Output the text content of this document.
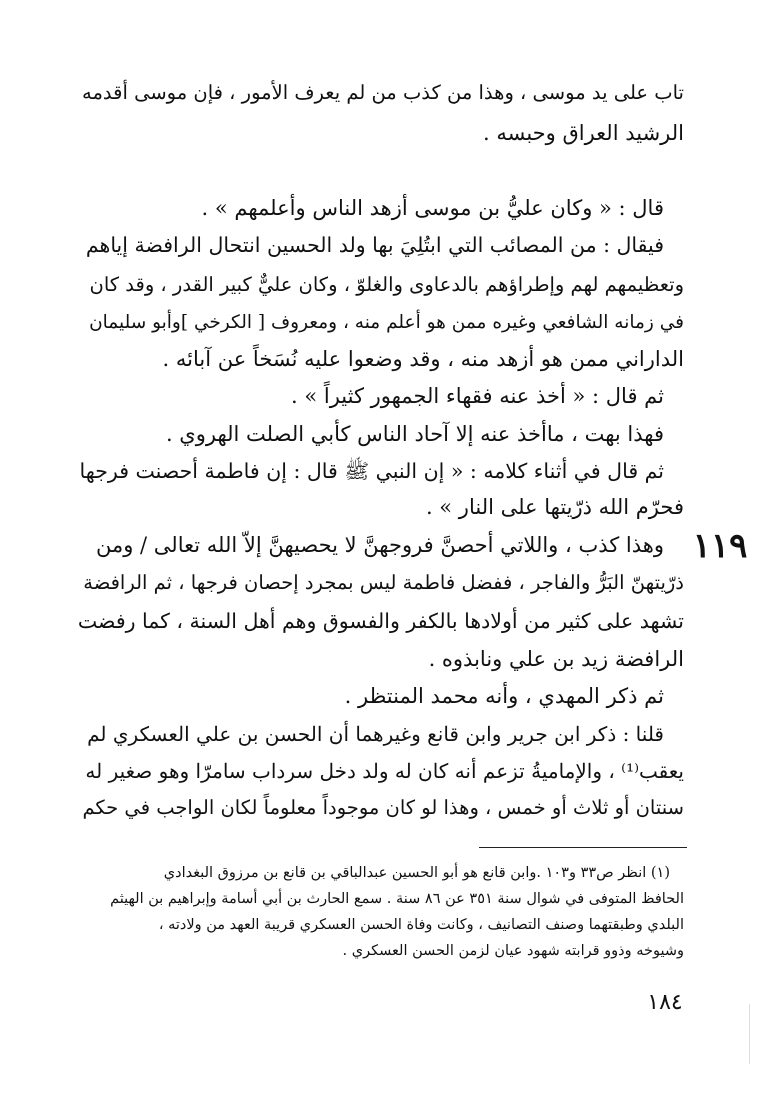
تاب على يد موسى ، وهذا من كذب من لم يعرف الأمور ، فإن موسى أقدمه
الرشيد العراق وحبسه .
قال : « وكان عليُّ بن موسى أزهد الناس وأعلمهم » .
فيقال : من المصائب التي ابتُلِيَ بها ولد الحسين انتحال الرافضة إياهم
وتعظيمهم لهم وإطراؤهم بالدعاوى والغلوّ ، وكان عليٌّ كبير القدر ، وقد كان
في زمانه الشافعي وغيره ممن هو أعلم منه ، ومعروف [ الكرخي ]وأبو سليمان
الداراني ممن هو أزهد منه ، وقد وضعوا عليه نُسَخاً عن آبائه .
ثم قال : « أخذ عنه فقهاء الجمهور كثيراً » .
فهذا بهت ، ماأخذ عنه إلا آحاد الناس كأبي الصلت الهروي .
ثم قال في أثناء كلامه : « إن النبي ﷺ قال : إن فاطمة أحصنت فرجها
فحرّم الله ذرّيتها على النار » .
وهذا كذب ، واللاتي أحصنَّ فروجهنَّ لا يحصيهنَّ إلاّ الله تعالى / ومن
ذرّيتهنّ البَرُّ والفاجر ، ففضل فاطمة ليس بمجرد إحصان فرجها ، ثم الرافضة
تشهد على كثير من أولادها بالكفر والفسوق وهم أهل السنة ، كما رفضت
الرافضة زيد بن علي ونابذوه .
ثم ذكر المهدي ، وأنه محمد المنتظر .
قلنا : ذكر ابن جرير وابن قانع وغيرهما أن الحسن بن علي العسكري لم
يعقب⁽¹⁾ ، والإماميةُ تزعم أنه كان له ولد دخل سرداب سامرّا وهو صغير له
سنتان أو ثلاث أو خمس ، وهذا لو كان موجوداً معلوماً لكان الواجب في حكم
١١٩
(١) انظر ص٣٣ و١٠٣ .وابن قانع هو أبو الحسين عبدالباقي بن قانع بن مرزوق البغدادي
الحافظ المتوفى في شوال سنة ٣٥١ عن ٨٦ سنة . سمع الحارث بن أبي أسامة وإبراهيم بن الهيثم
البلدي وطبقتهما وصنف التصانيف ، وكانت وفاة الحسن العسكري قريبة العهد من ولادته ،
وشيوخه وذوو قرابته شهود عيان لزمن الحسن العسكري .
١٨٤
